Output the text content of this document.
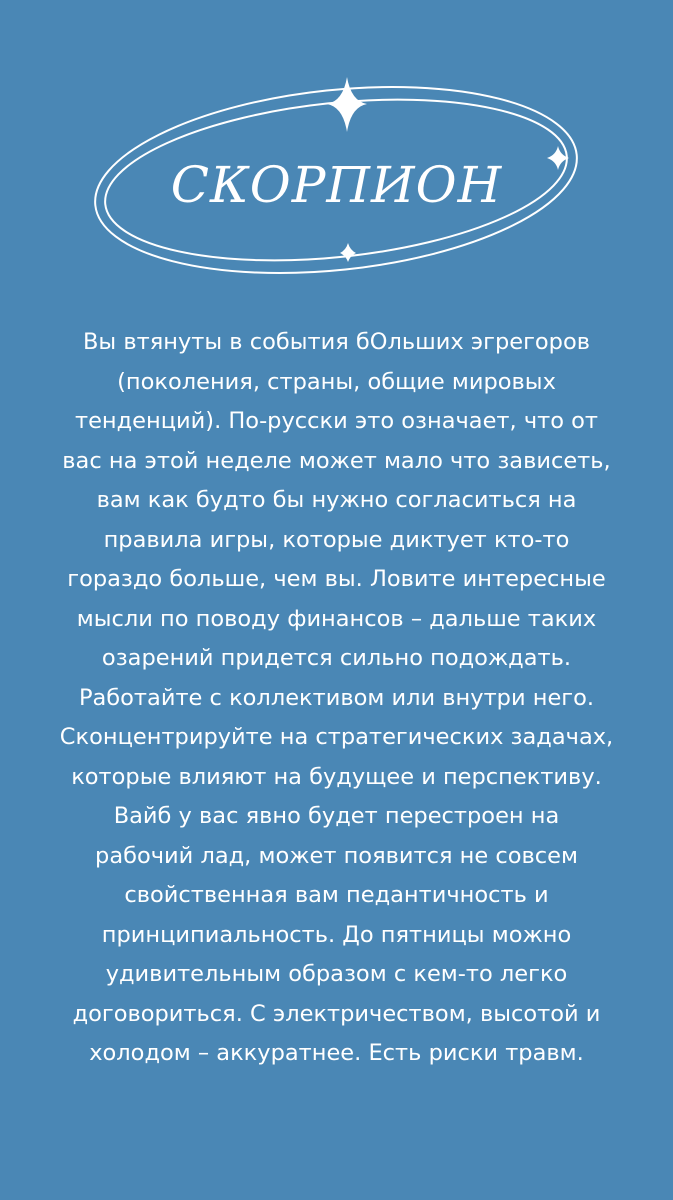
СКОРПИОН
Вы втянуты в события бОльших эгрегоров
(поколения, страны, общие мировых
тенденций). По-русски это означает, что от
вас на этой неделе может мало что зависеть,
вам как будто бы нужно согласиться на
правила игры, которые диктует кто-то
гораздо больше, чем вы. Ловите интересные
мысли по поводу финансов – дальше таких
озарений придется сильно подождать.
Работайте с коллективом или внутри него.
Сконцентрируйте на стратегических задачах,
которые влияют на будущее и перспективу.
Вайб у вас явно будет перестроен на
рабочий лад, может появится не совсем
свойственная вам педантичность и
принципиальность. До пятницы можно
удивительным образом с кем-то легко
договориться. С электричеством, высотой и
холодом – аккуратнее. Есть риски травм.
